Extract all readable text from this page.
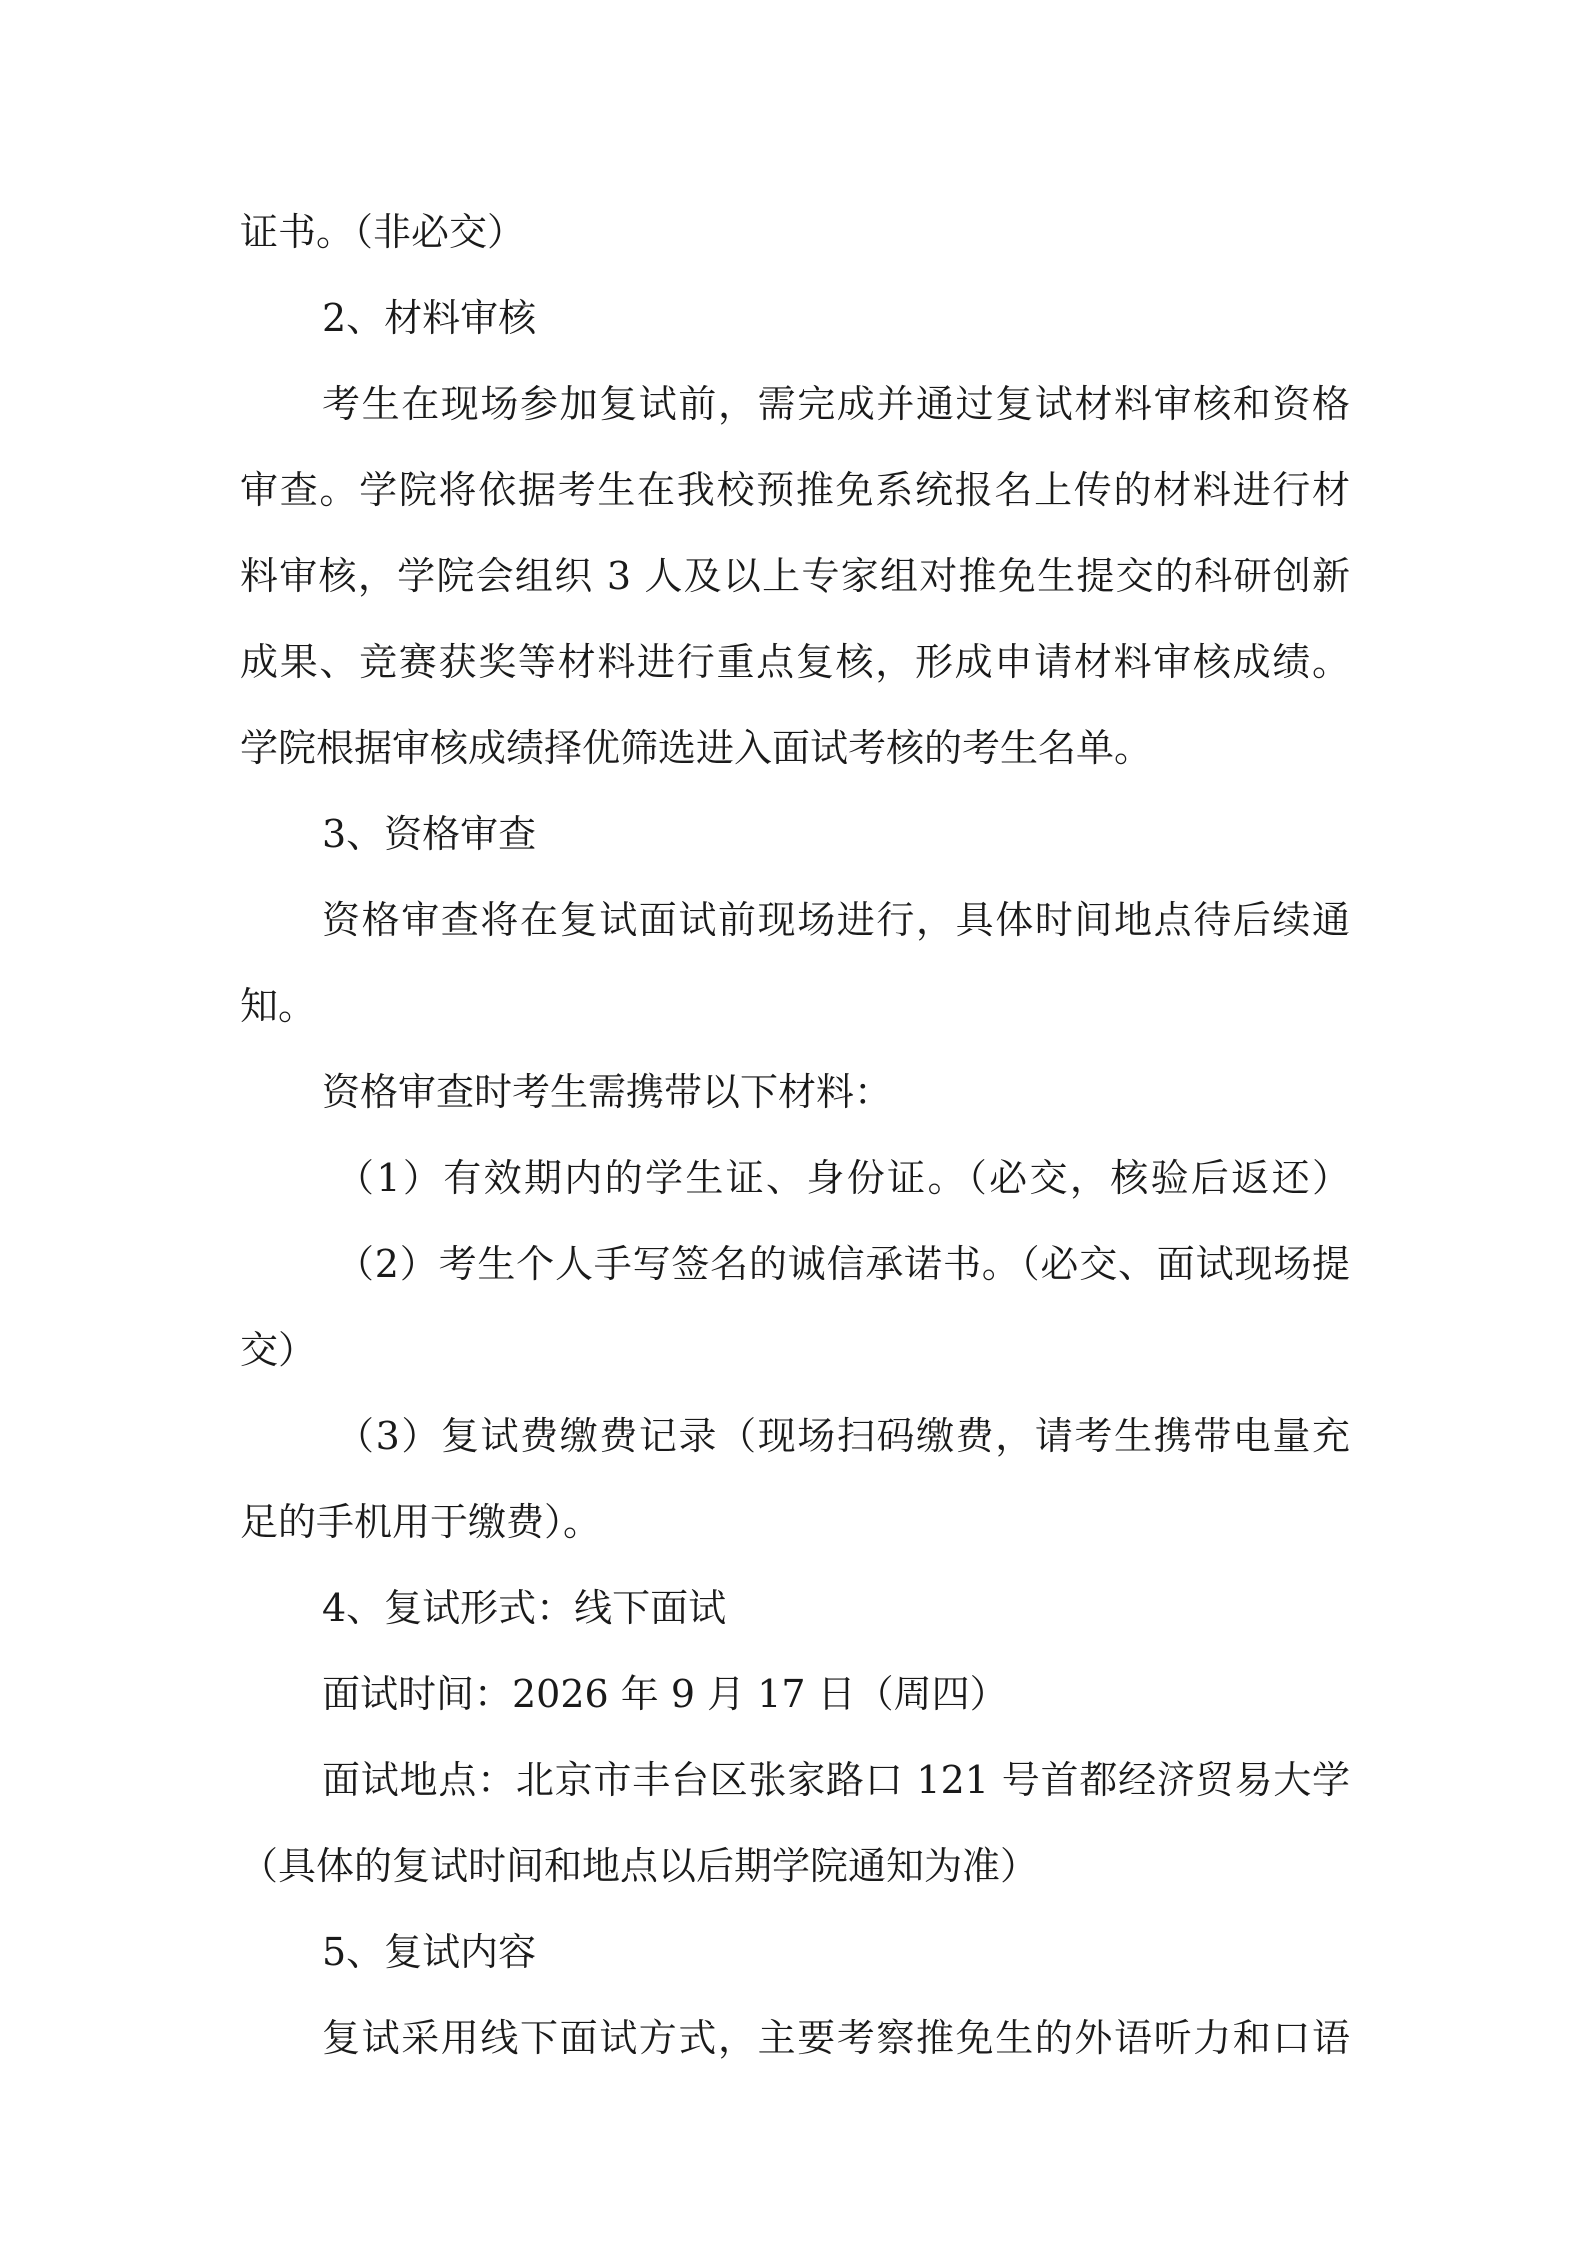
证书。（非必交）
2、材料审核
考生在现场参加复试前，需完成并通过复试材料审核和资格
审查。学院将依据考生在我校预推免系统报名上传的材料进行材
料审核，学院会组织 3 人及以上专家组对推免生提交的科研创新
成果、竞赛获奖等材料进行重点复核，形成申请材料审核成绩。
学院根据审核成绩择优筛选进入面试考核的考生名单。
3、资格审查
资格审查将在复试面试前现场进行，具体时间地点待后续通
知。
资格审查时考生需携带以下材料：
（1）有效期内的学生证、身份证。（必交，核验后返还）
（2）考生个人手写签名的诚信承诺书。（必交、面试现场提
交）
（3）复试费缴费记录（现场扫码缴费，请考生携带电量充
足的手机用于缴费）。
4、复试形式：线下面试
面试时间：2026 年 9 月 17 日（周四）
面试地点：北京市丰台区张家路口 121 号首都经济贸易大学
（具体的复试时间和地点以后期学院通知为准）
5、复试内容
复试采用线下面试方式，主要考察推免生的外语听力和口语
